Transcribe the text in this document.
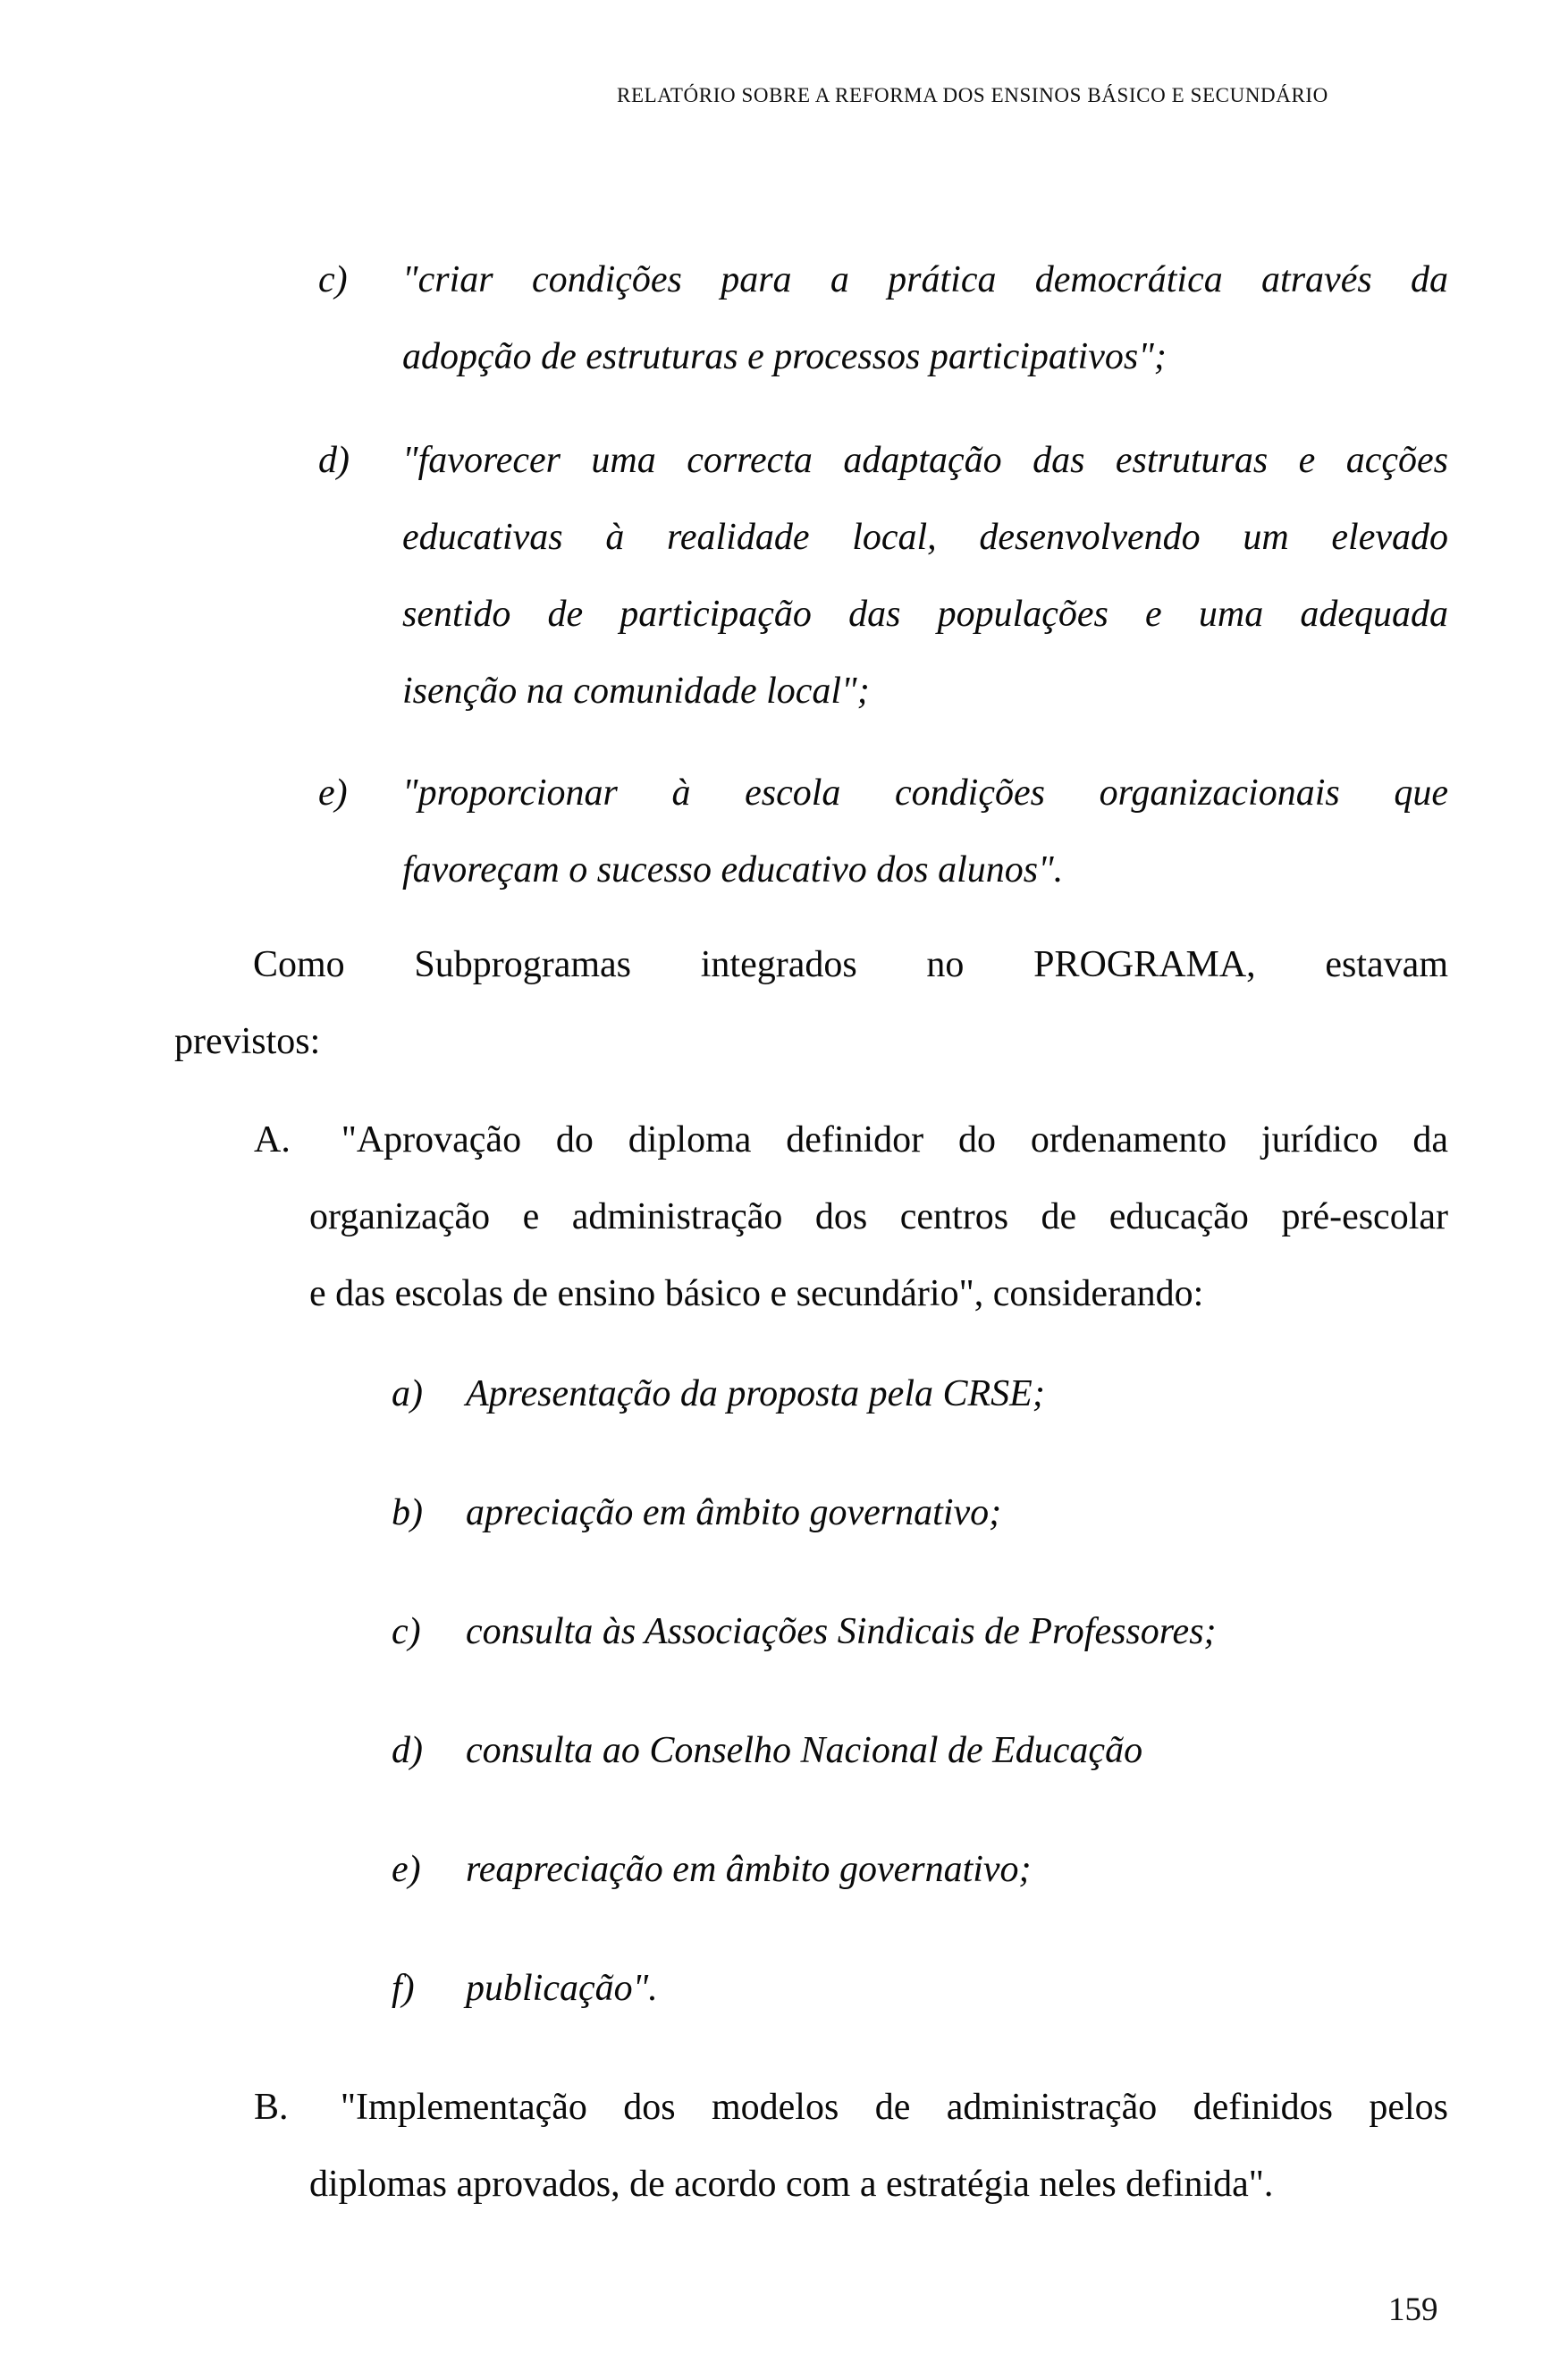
RELATÓRIO SOBRE A REFORMA DOS ENSINOS BÁSICO E SECUNDÁRIO
c)	"criar condições para a prática democrática através da
adopção de estruturas e processos participativos";
d)	"favorecer uma correcta adaptação das estruturas e acções
educativas à realidade local, desenvolvendo um elevado
sentido de participação das populações e uma adequada
isenção na comunidade local";
e)	"proporcionar à escola condições organizacionais que
favoreçam o sucesso educativo dos alunos".
Como Subprogramas integrados no PROGRAMA, estavam
previstos:
A. "Aprovação do diploma definidor do ordenamento jurídico da
organização e administração dos centros de educação pré-escolar
e das escolas de ensino básico e secundário", considerando:
a)	Apresentação da proposta pela CRSE;
b)	apreciação em âmbito governativo;
c)	consulta às Associações Sindicais de Professores;
d)	consulta ao Conselho Nacional de Educação
e)	reapreciação em âmbito governativo;
f)	publicação".
B. "Implementação dos modelos de administração definidos pelos
diplomas aprovados, de acordo com a estratégia neles definida".
159
